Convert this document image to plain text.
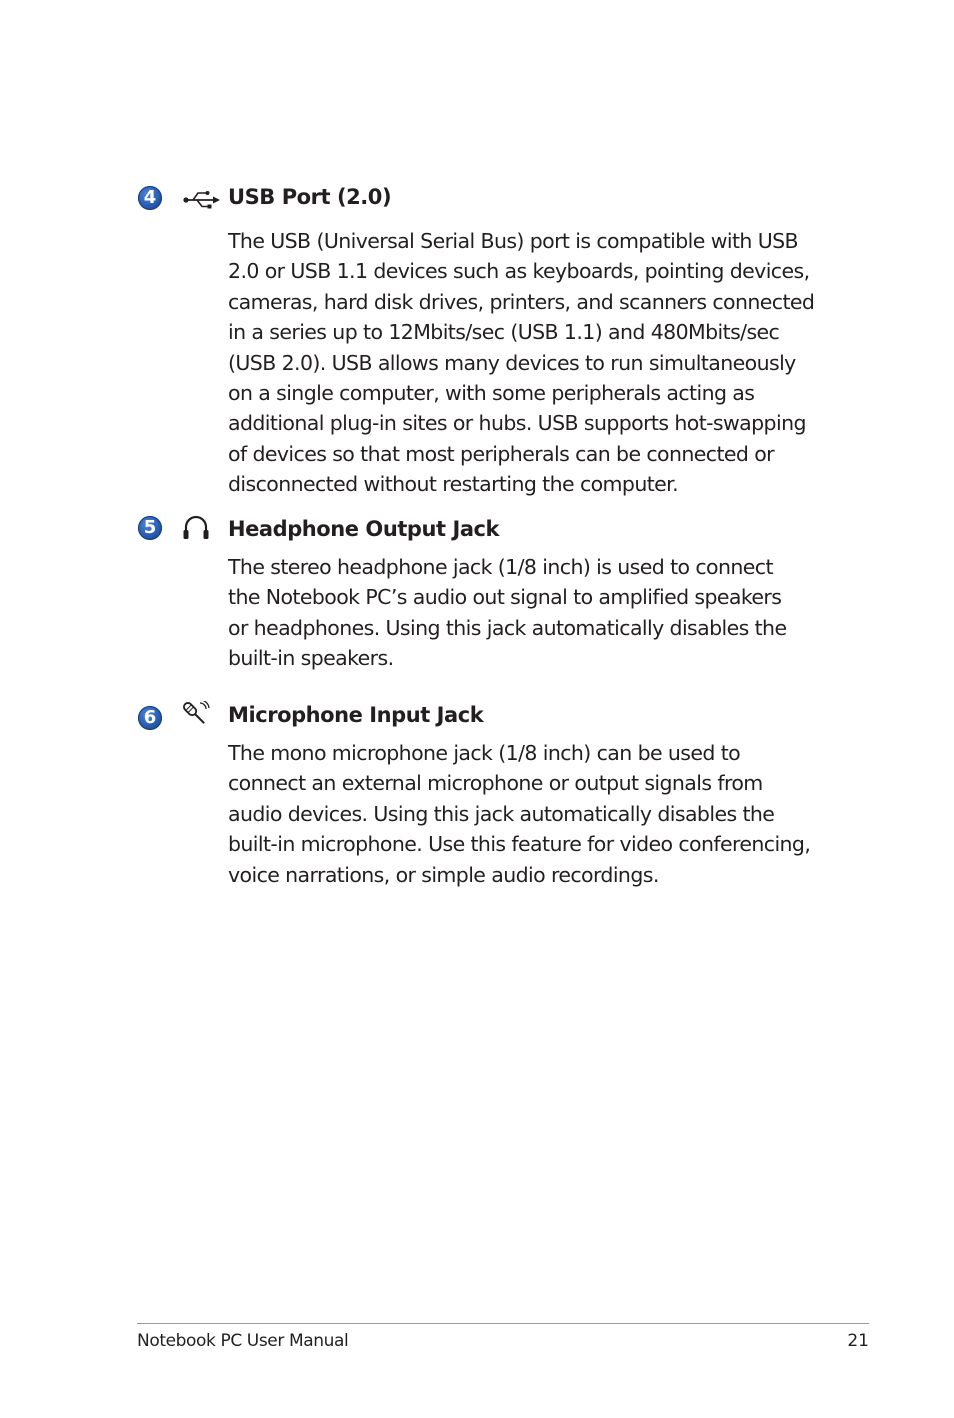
4	USB Port (2.0)
The USB (Universal Serial Bus) port is compatible with USB
2.0 or USB 1.1 devices such as keyboards, pointing devices,
cameras, hard disk drives, printers, and scanners connected
in a series up to 12Mbits/sec (USB 1.1) and 480Mbits/sec
(USB 2.0). USB allows many devices to run simultaneously
on a single computer, with some peripherals acting as
additional plug-in sites or hubs. USB supports hot-swapping
of devices so that most peripherals can be connected or
disconnected without restarting the computer.
5	Headphone Output Jack
The stereo headphone jack (1/8 inch) is used to connect
the Notebook PC’s audio out signal to amplified speakers
or headphones. Using this jack automatically disables the
built-in speakers.
6	Microphone Input Jack
The mono microphone jack (1/8 inch) can be used to
connect an external microphone or output signals from
audio devices. Using this jack automatically disables the
built-in microphone. Use this feature for video conferencing,
voice narrations, or simple audio recordings.
Notebook PC User Manual	21
